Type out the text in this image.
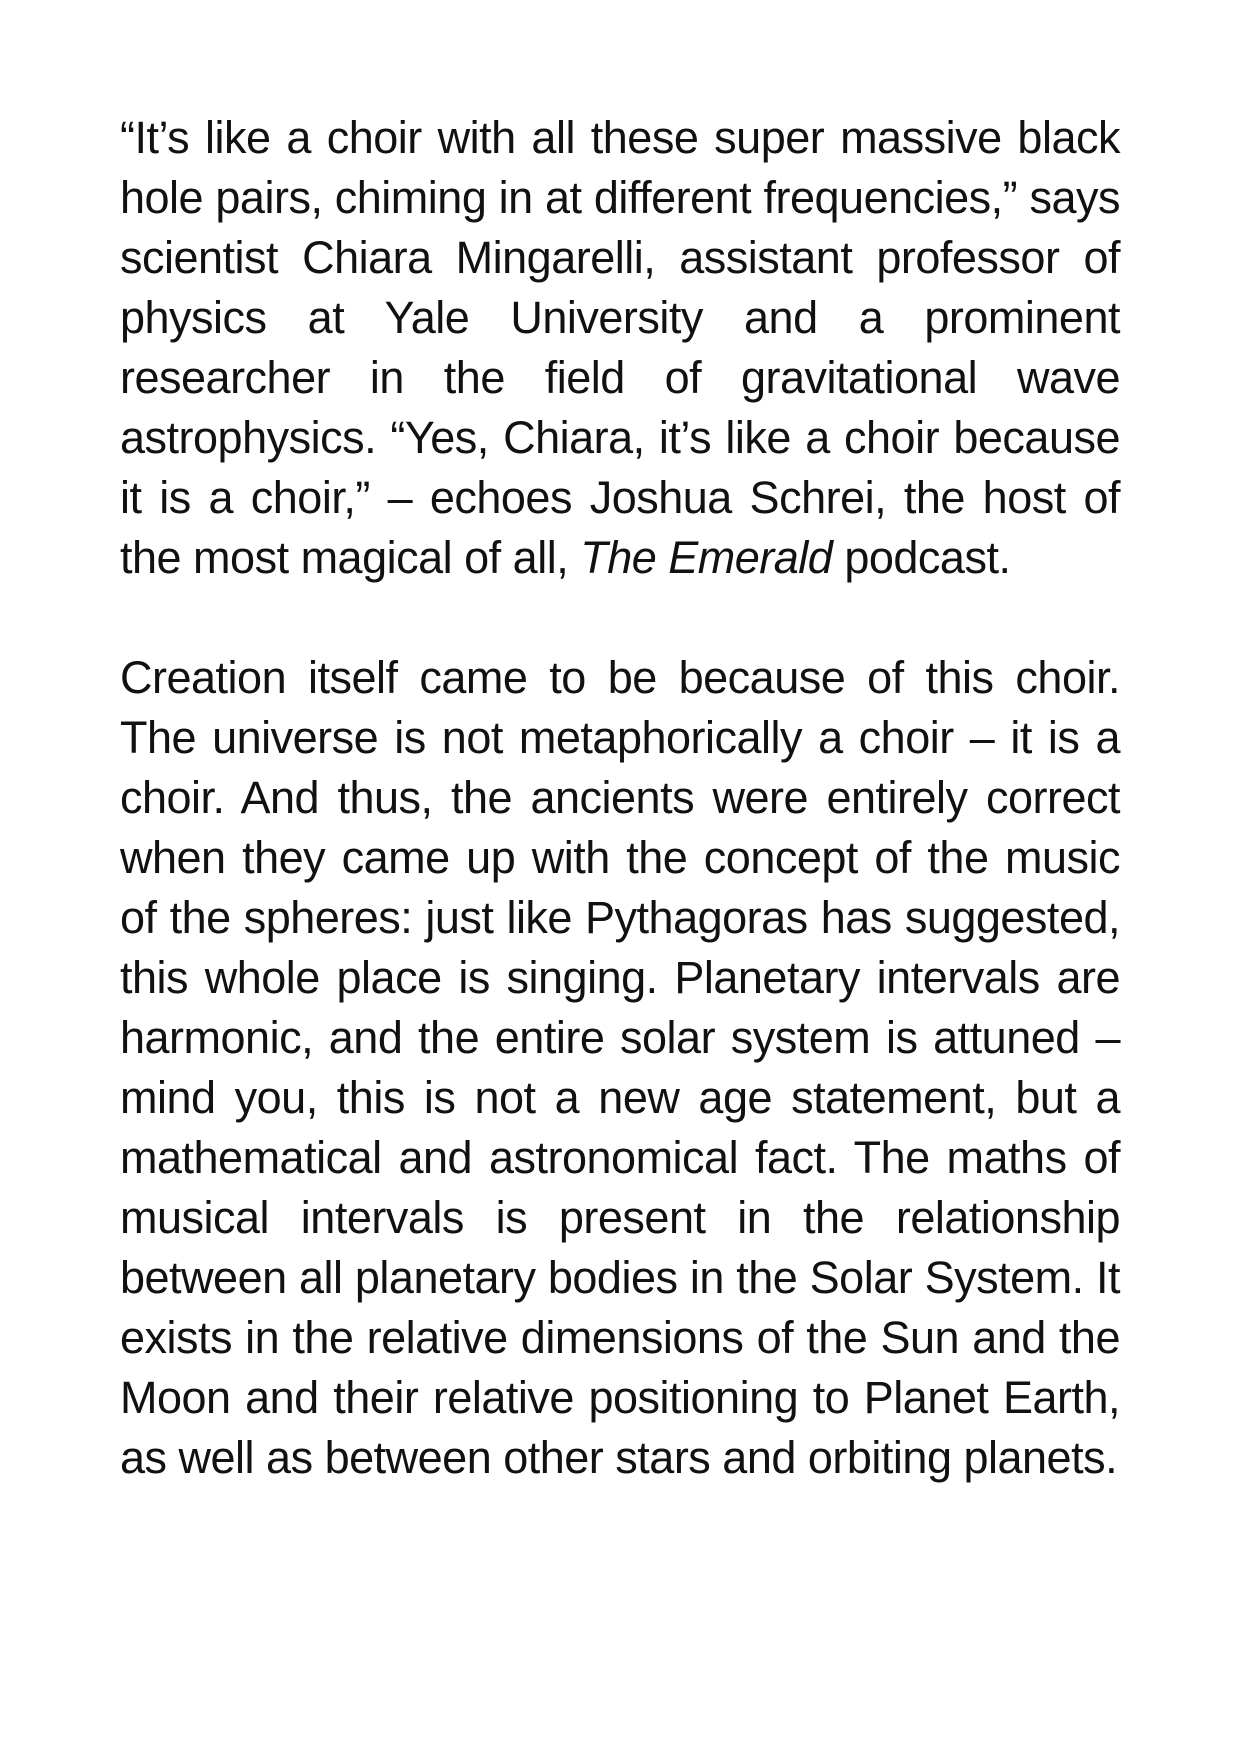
“It’s like a choir with all these super massive black hole pairs, chiming in at different frequencies,” says scientist Chiara Mingarelli, assistant professor of physics at Yale University and a prominent researcher in the field of gravitational wave astrophysics. “Yes, Chiara, it’s like a choir because it is a choir,” – echoes Joshua Schrei, the host of the most magical of all, The Emerald podcast.

Creation itself came to be because of this choir. The universe is not metaphorically a choir – it is a choir. And thus, the ancients were entirely correct when they came up with the concept of the music of the spheres: just like Pythagoras has suggested, this whole place is singing. Planetary intervals are harmonic, and the entire solar system is attuned – mind you, this is not a new age statement, but a mathematical and astronomical fact. The maths of musical intervals is present in the relationship between all planetary bodies in the Solar System. It exists in the relative dimensions of the Sun and the Moon and their relative positioning to Planet Earth, as well as between other stars and orbiting planets.
